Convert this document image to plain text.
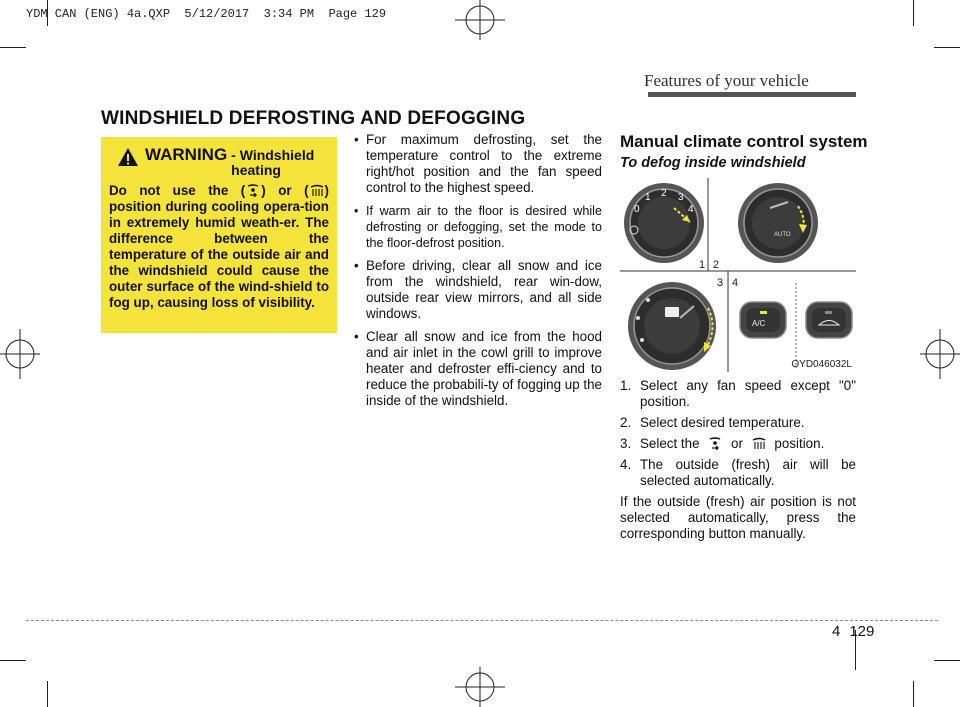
YDM CAN (ENG) 4a.QXP  5/12/2017  3:34 PM  Page 129
Features of your vehicle
WINDSHIELD DEFROSTING AND DEFOGGING
WARNING - Windshield heating
Do not use the ( ) or ( ) position during cooling opera-tion in extremely humid weath-er. The difference between the temperature of the outside air and the windshield could cause the outer surface of the wind-shield to fog up, causing loss of visibility.
• For maximum defrosting, set the temperature control to the extreme right/hot position and the fan speed control to the highest speed.
• If warm air to the floor is desired while defrosting or defogging, set the mode to the floor-defrost position.
• Before driving, clear all snow and ice from the windshield, rear win-dow, outside rear view mirrors, and all side windows.
• Clear all snow and ice from the hood and air inlet in the cowl grill to improve heater and defroster effi-ciency and to reduce the probabili-ty of fogging up the inside of the windshield.
Manual climate control system
To defog inside windshield
0
1 2 3
4
AUTO
1 2
3 4
A/C
OYD046032L
1. Select any fan speed except "0" position.
2. Select desired temperature.
3. Select the or position.
4. The outside (fresh) air will be selected automatically.
If the outside (fresh) air position is not selected automatically, press the corresponding button manually.
4 129
